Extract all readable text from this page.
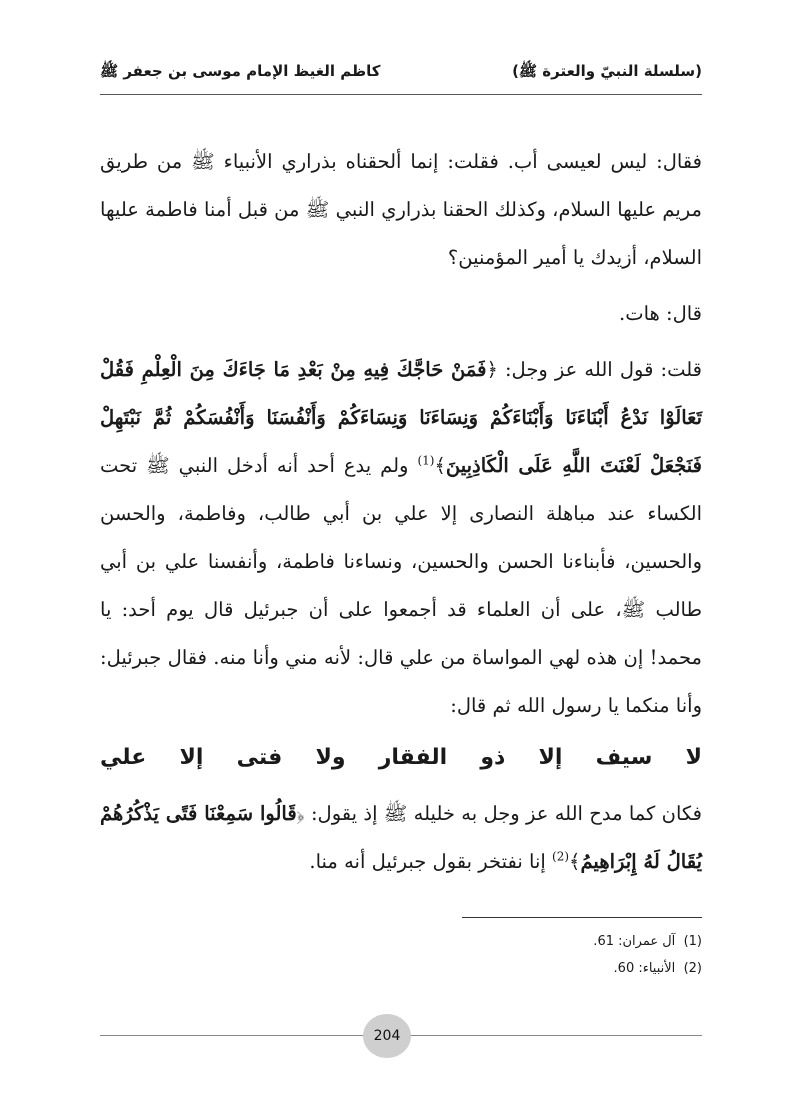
(سلسلة النبيّ والعترة ﷺ)
كاظم الغيظ الإمام موسى بن جعفر ﷺ

فقال: ليس لعيسى أب. فقلت: إنما ألحقناه بذراري الأنبياء ﷺ من طريق مريم عليها السلام، وكذلك الحقنا بذراري النبي ﷺ من قبل أمنا فاطمة عليها السلام، أزيدك يا أمير المؤمنين؟

قال: هات.

قلت: قول الله عز وجل: ﴿فَمَنْ حَاجَّكَ فِيهِ مِنْ بَعْدِ مَا جَاءَكَ مِنَ الْعِلْمِ فَقُلْ تَعَالَوْا نَدْعُ أَبْنَاءَنَا وَأَبْنَاءَكُمْ وَنِسَاءَنَا وَنِسَاءَكُمْ وَأَنْفُسَنَا وَأَنْفُسَكُمْ ثُمَّ نَبْتَهِلْ فَنَجْعَلْ لَعْنَتَ اللَّهِ عَلَى الْكَاذِبِينَ﴾$^{(1)}$ ولم يدع أحد أنه أدخل النبي ﷺ تحت الكساء عند مباهلة النصارى إلا علي بن أبي طالب، وفاطمة، والحسن والحسين، فأبناءنا الحسن والحسين، ونساءنا فاطمة، وأنفسنا علي بن أبي طالب ﷺ، على أن العلماء قد أجمعوا على أن جبرئيل قال يوم أحد: يا محمد! إن هذه لهي المواساة من علي قال: لأنه مني وأنا منه. فقال جبرئيل: وأنا منكما يا رسول الله ثم قال:

لا
سيف
إلا
ذو
الفقار
ولا
فتى
إلا
علي

فكان كما مدح الله عز وجل به خليله ﷺ إذ يقول: ﴿قَالُوا سَمِعْنَا فَتًى يَذْكُرُهُمْ يُقَالُ لَهُ إِبْرَاهِيمُ﴾$^{(2)}$ إنا نفتخر بقول جبرئيل أنه منا.

(1)  آل عمران: 61.
(2)  الأنبياء: 60.
204
